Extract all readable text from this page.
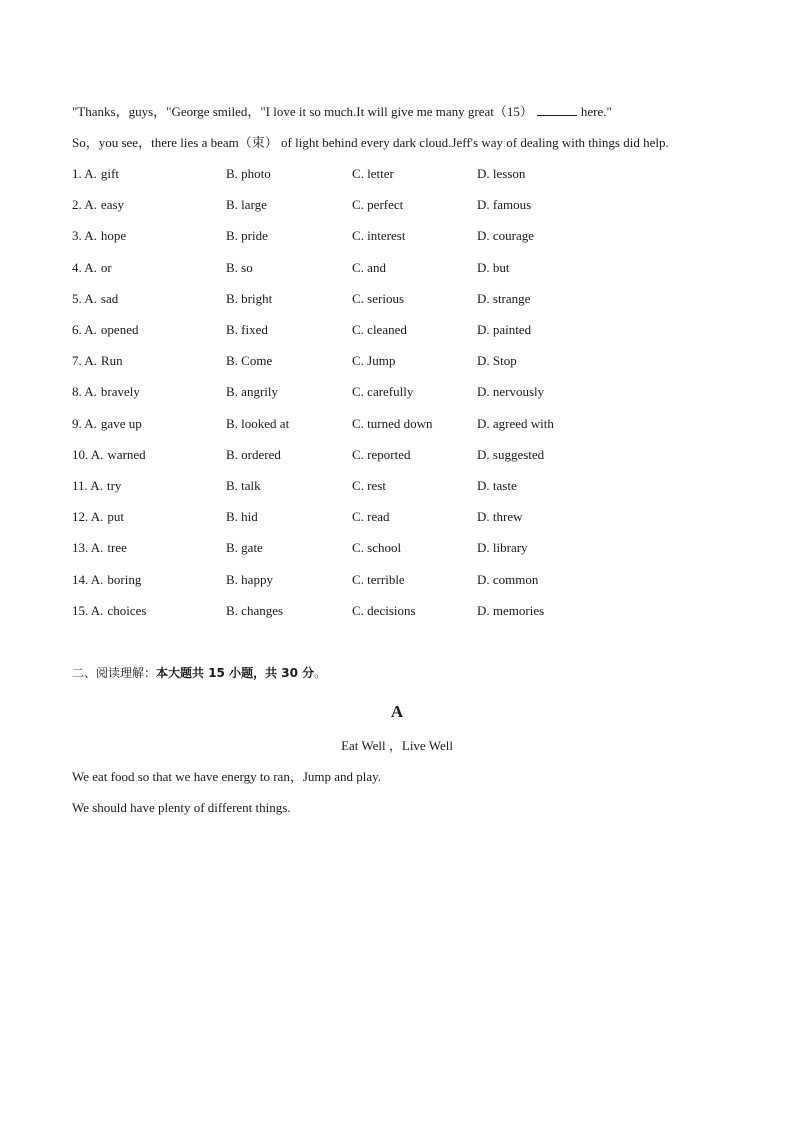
"Thanks，guys，"George smiled，"I love it so much.It will give me many great（15）	here."
So，you see，there lies a beam（束） of light behind every dark cloud.Jeff's way of dealing with things did help.
1. A. gift	B. photo	C. letter	D. lesson
2. A. easy	B. large	C. perfect	D. famous
3. A. hope	B. pride	C. interest	D. courage
4. A. or	B. so	C. and	D. but
5. A. sad	B. bright	C. serious	D. strange
6. A. opened	B. fixed	C. cleaned	D. painted
7. A. Run	B. Come	C. Jump	D. Stop
8. A. bravely	B. angrily	C. carefully	D. nervously
9. A. gave up	B. looked at	C. turned down	D. agreed with
10. A. warned	B. ordered	C. reported	D. suggested
11. A. try	B. talk	C. rest	D. taste
12. A. put	B. hid	C. read	D. threw
13. A. tree	B. gate	C. school	D. library
14. A. boring	B. happy	C. terrible	D. common
15. A. choices	B. changes	C. decisions	D. memories
二、阅读理解：本大题共 15 小题，共 30 分。
A
Eat Well ，Live Well
We eat food so that we have energy to ran，Jump and play.
We should have plenty of different things.
